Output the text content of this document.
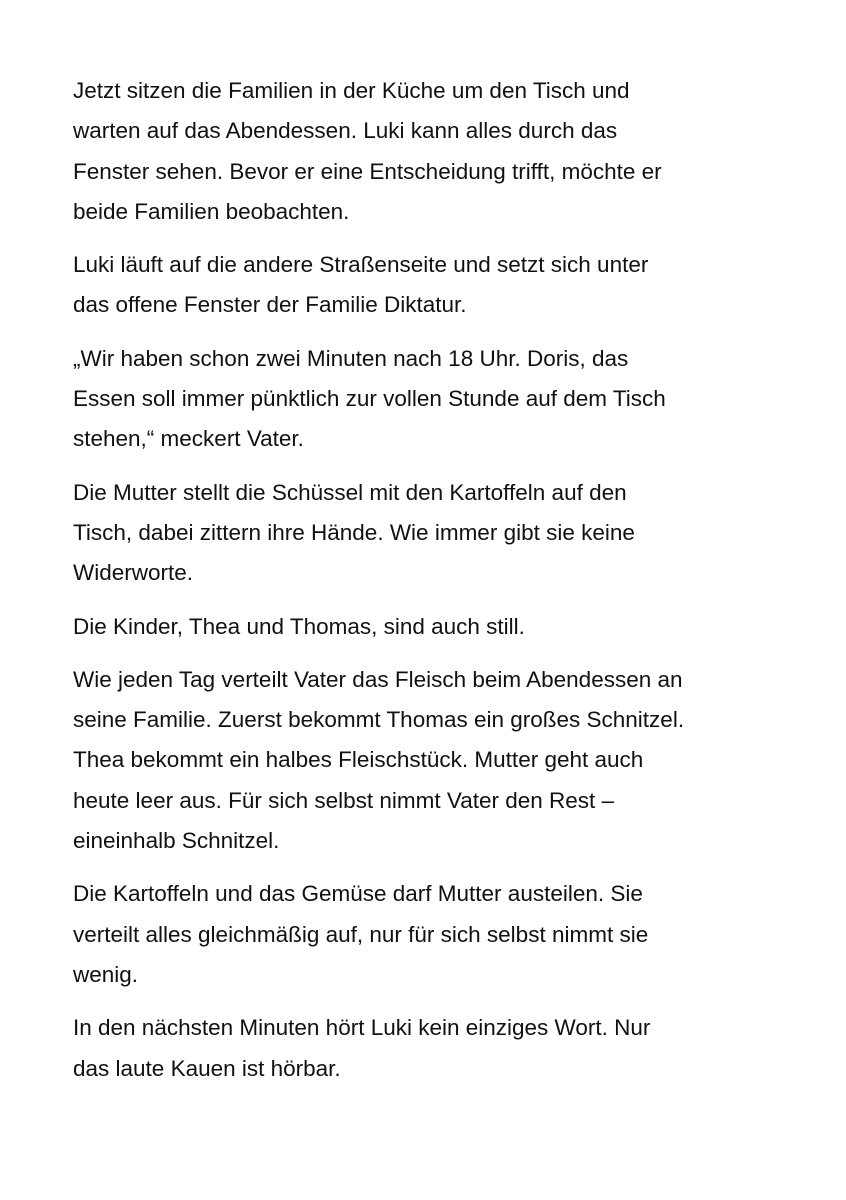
Jetzt sitzen die Familien in der Küche um den Tisch und
warten auf das Abendessen. Luki kann alles durch das
Fenster sehen. Bevor er eine Entscheidung trifft, möchte er
beide Familien beobachten.

Luki läuft auf die andere Straßenseite und setzt sich unter
das offene Fenster der Familie Diktatur.

„Wir haben schon zwei Minuten nach 18 Uhr. Doris, das
Essen soll immer pünktlich zur vollen Stunde auf dem Tisch
stehen,“ meckert Vater.

Die Mutter stellt die Schüssel mit den Kartoffeln auf den
Tisch, dabei zittern ihre Hände. Wie immer gibt sie keine
Widerworte.

Die Kinder, Thea und Thomas, sind auch still.

Wie jeden Tag verteilt Vater das Fleisch beim Abendessen an
seine Familie. Zuerst bekommt Thomas ein großes Schnitzel.
Thea bekommt ein halbes Fleischstück. Mutter geht auch
heute leer aus. Für sich selbst nimmt Vater den Rest –
eineinhalb Schnitzel.

Die Kartoffeln und das Gemüse darf Mutter austeilen. Sie
verteilt alles gleichmäßig auf, nur für sich selbst nimmt sie
wenig.

In den nächsten Minuten hört Luki kein einziges Wort. Nur
das laute Kauen ist hörbar.
